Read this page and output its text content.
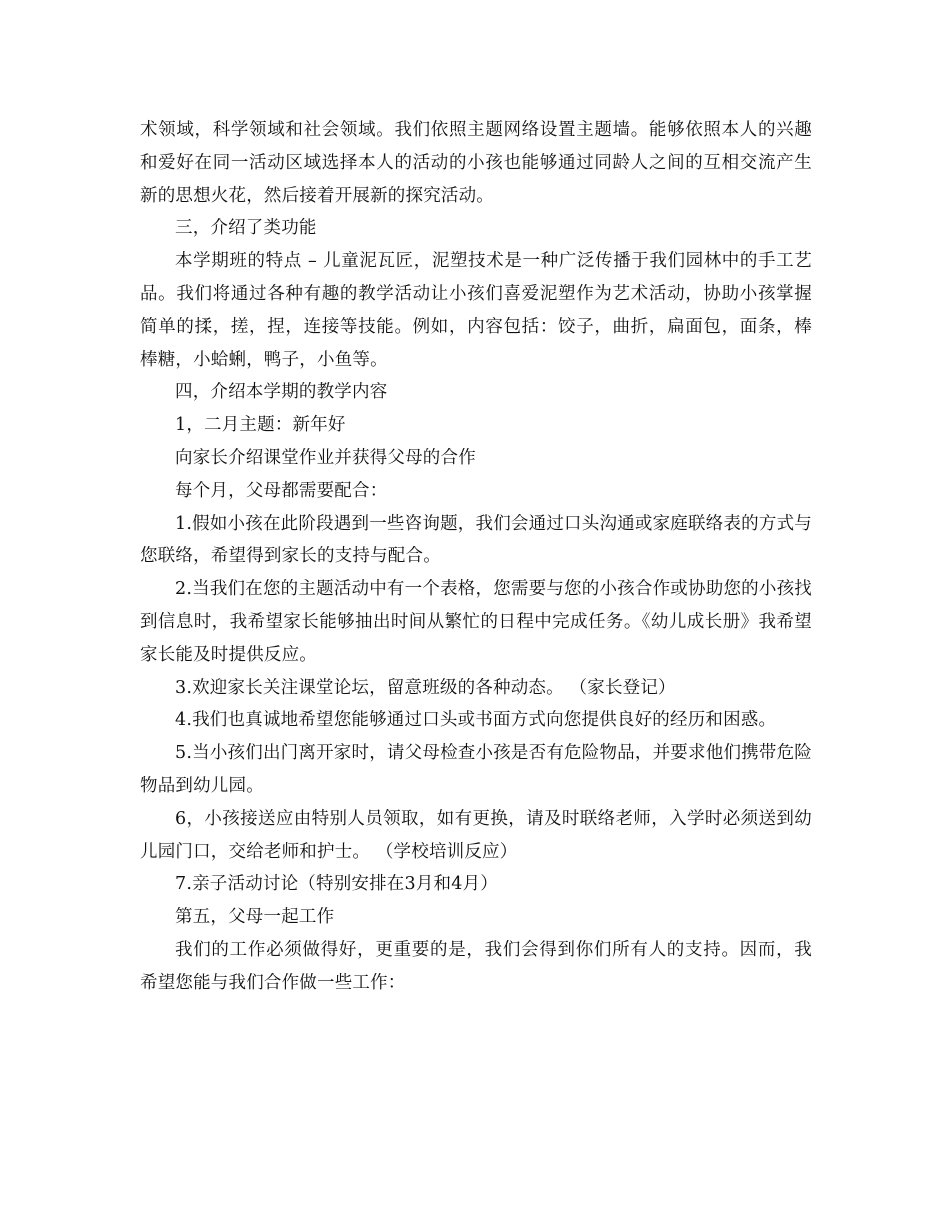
术领域，科学领域和社会领域。我们依照主题网络设置主题墙。能够依照本人的兴趣和爱好在同一活动区域选择本人的活动的小孩也能够通过同龄人之间的互相交流产生新的思想火花，然后接着开展新的探究活动。

三，介绍了类功能

本学期班的特点 – 儿童泥瓦匠，泥塑技术是一种广泛传播于我们园林中的手工艺品。我们将通过各种有趣的教学活动让小孩们喜爱泥塑作为艺术活动，协助小孩掌握简单的揉，搓，捏，连接等技能。例如，内容包括：饺子，曲折，扁面包，面条，棒棒糖，小蛤蜊，鸭子，小鱼等。

四，介绍本学期的教学内容

1，二月主题：新年好

向家长介绍课堂作业并获得父母的合作

每个月，父母都需要配合：

1.假如小孩在此阶段遇到一些咨询题，我们会通过口头沟通或家庭联络表的方式与您联络，希望得到家长的支持与配合。

2.当我们在您的主题活动中有一个表格，您需要与您的小孩合作或协助您的小孩找到信息时，我希望家长能够抽出时间从繁忙的日程中完成任务。《幼儿成长册》我希望家长能及时提供反应。

3.欢迎家长关注课堂论坛，留意班级的各种动态。 （家长登记）

4.我们也真诚地希望您能够通过口头或书面方式向您提供良好的经历和困惑。

5.当小孩们出门离开家时，请父母检查小孩是否有危险物品，并要求他们携带危险物品到幼儿园。

6，小孩接送应由特别人员领取，如有更换，请及时联络老师，入学时必须送到幼儿园门口，交给老师和护士。 （学校培训反应）

7.亲子活动讨论（特别安排在3月和4月）

第五，父母一起工作

我们的工作必须做得好，更重要的是，我们会得到你们所有人的支持。因而，我希望您能与我们合作做一些工作：
